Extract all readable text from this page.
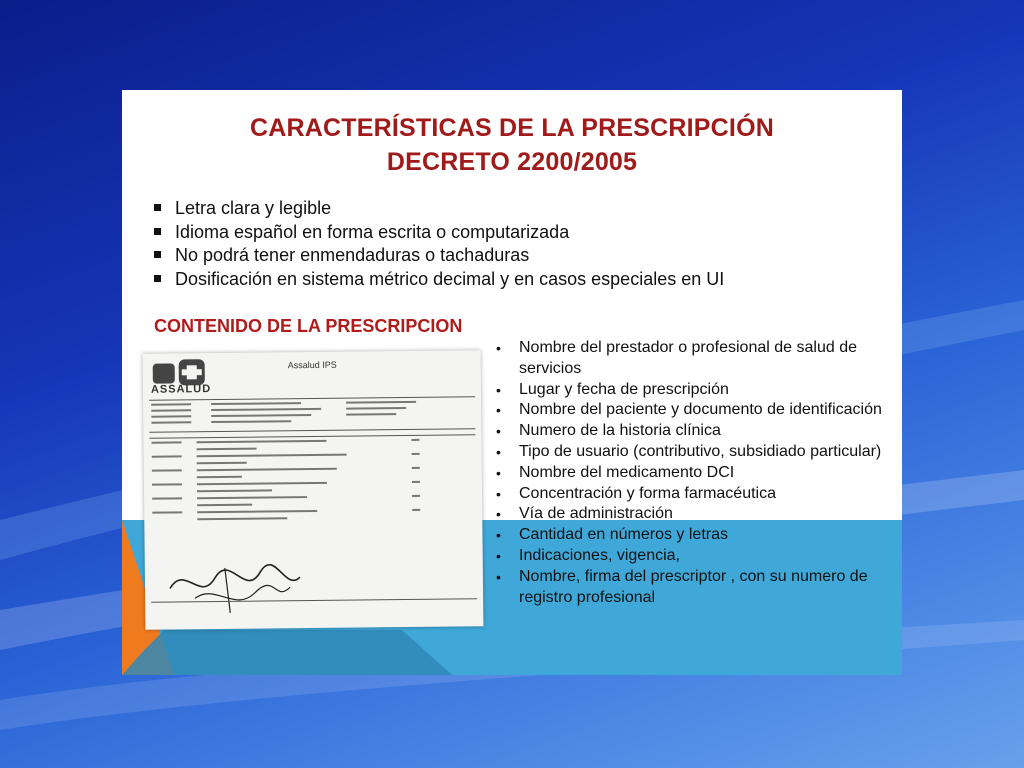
CARACTERÍSTICAS DE LA PRESCRIPCIÓN
DECRETO 2200/2005
Letra clara y legible
Idioma español en forma escrita o computarizada
No podrá tener enmendaduras o tachaduras
Dosificación en sistema métrico decimal y en casos especiales en UI
CONTENIDO DE LA PRESCRIPCION
ASSALUD
Assalud IPS
• Nombre del prestador o profesional de salud de servicios
• Lugar y fecha de prescripción
• Nombre del paciente y documento de identificación
• Numero de la historia clínica
• Tipo de usuario (contributivo, subsidiado particular)
• Nombre del medicamento DCI
• Concentración y forma farmacéutica
• Vía de administración
• Cantidad en números y letras
• Indicaciones, vigencia,
• Nombre, firma del prescriptor , con su numero de registro profesional
